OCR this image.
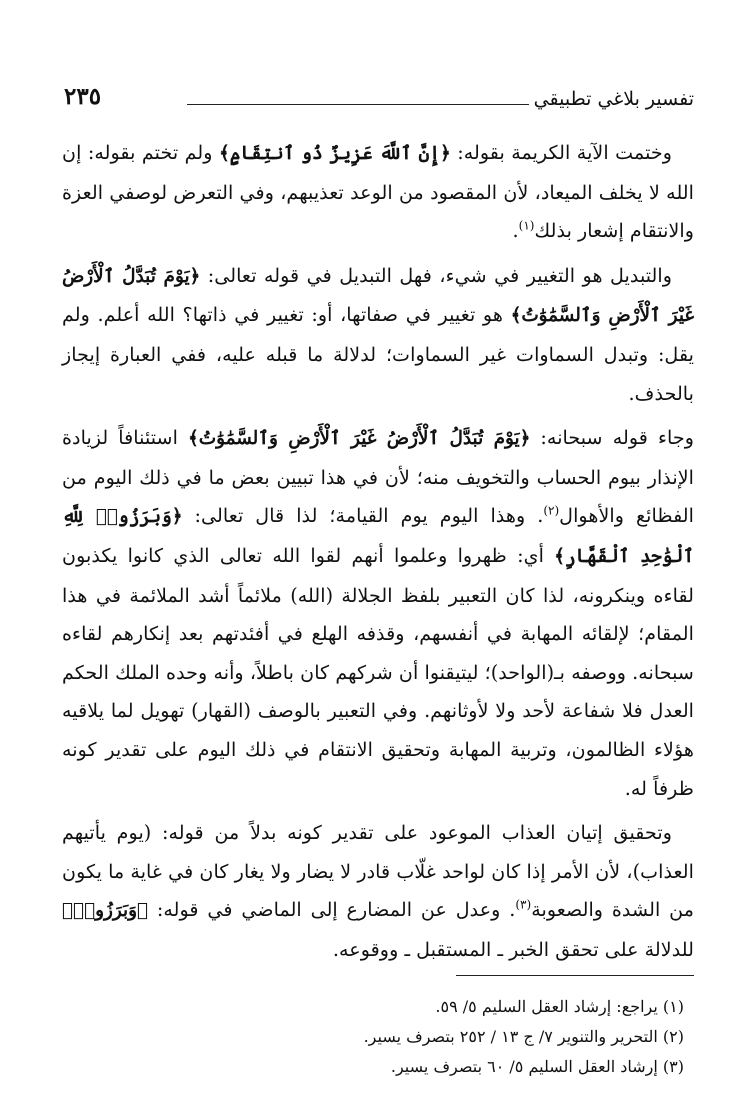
تفسير بلاغي تطبيقي
٢٣٥

وختمت الآية الكريمة بقوله: ﴿إِنَّ ٱللَّهَ عَزِيزٌ ذُو ٱنتِقَامٍ﴾ ولم تختم بقوله: إن الله لا يخلف الميعاد، لأن المقصود من الوعد تعذيبهم، وفي التعرض لوصفي العزة والانتقام إشعار بذلك$^{(١)}$.

والتبديل هو التغيير في شيء، فهل التبديل في قوله تعالى: ﴿يَوْمَ تُبَدَّلُ ٱلْأَرْضُ غَيْرَ ٱلْأَرْضِ وَٱلسَّمَٰوَٰتُ﴾ هو تغيير في صفاتها، أو: تغيير في ذاتها؟ الله أعلم. ولم يقل: وتبدل السماوات غير السماوات؛ لدلالة ما قبله عليه، ففي العبارة إيجاز بالحذف.

وجاء قوله سبحانه: ﴿يَوْمَ تُبَدَّلُ ٱلْأَرْضُ غَيْرَ ٱلْأَرْضِ وَٱلسَّمَٰوَٰتُ﴾ استئنافاً لزيادة الإنذار بيوم الحساب والتخويف منه؛ لأن في هذا تبيين بعض ما في ذلك اليوم من الفظائع والأهوال$^{(٢)}$. وهذا اليوم يوم القيامة؛ لذا قال تعالى: ﴿وَبَرَزُوا۟ لِلَّهِ ٱلْوَٰحِدِ ٱلْقَهَّارِ﴾ أي: ظهروا وعلموا أنهم لقوا الله تعالى الذي كانوا يكذبون لقاءه وينكرونه، لذا كان التعبير بلفظ الجلالة (الله) ملائماً أشد الملائمة في هذا المقام؛ لإلقائه المهابة في أنفسهم، وقذفه الهلع في أفئدتهم بعد إنكارهم لقاءه سبحانه. ووصفه بـ(الواحد)؛ ليتيقنوا أن شركهم كان باطلاً، وأنه وحده الملك الحكم العدل فلا شفاعة لأحد ولا لأوثانهم. وفي التعبير بالوصف (القهار) تهويل لما يلاقيه هؤلاء الظالمون، وتربية المهابة وتحقيق الانتقام في ذلك اليوم على تقدير كونه ظرفاً له.

وتحقيق إتيان العذاب الموعود على تقدير كونه بدلاً من قوله: (يوم يأتيهم العذاب)، لأن الأمر إذا كان لواحد غلّاب قادر لا يضار ولا يغار كان في غاية ما يكون من الشدة والصعوبة$^{(٣)}$. وعدل عن المضارع إلى الماضي في قوله: ﴿وَبَرَزُوا۟﴾ للدلالة على تحقق الخبر ـ المستقبل ـ ووقوعه.

(١) يراجع: إرشاد العقل السليم ٥/ ٥٩.

(٢) التحرير والتنوير ٧/ ج ١٣ / ٢٥٢ بتصرف يسير.

(٣) إرشاد العقل السليم ٥/ ٦٠ بتصرف يسير.
